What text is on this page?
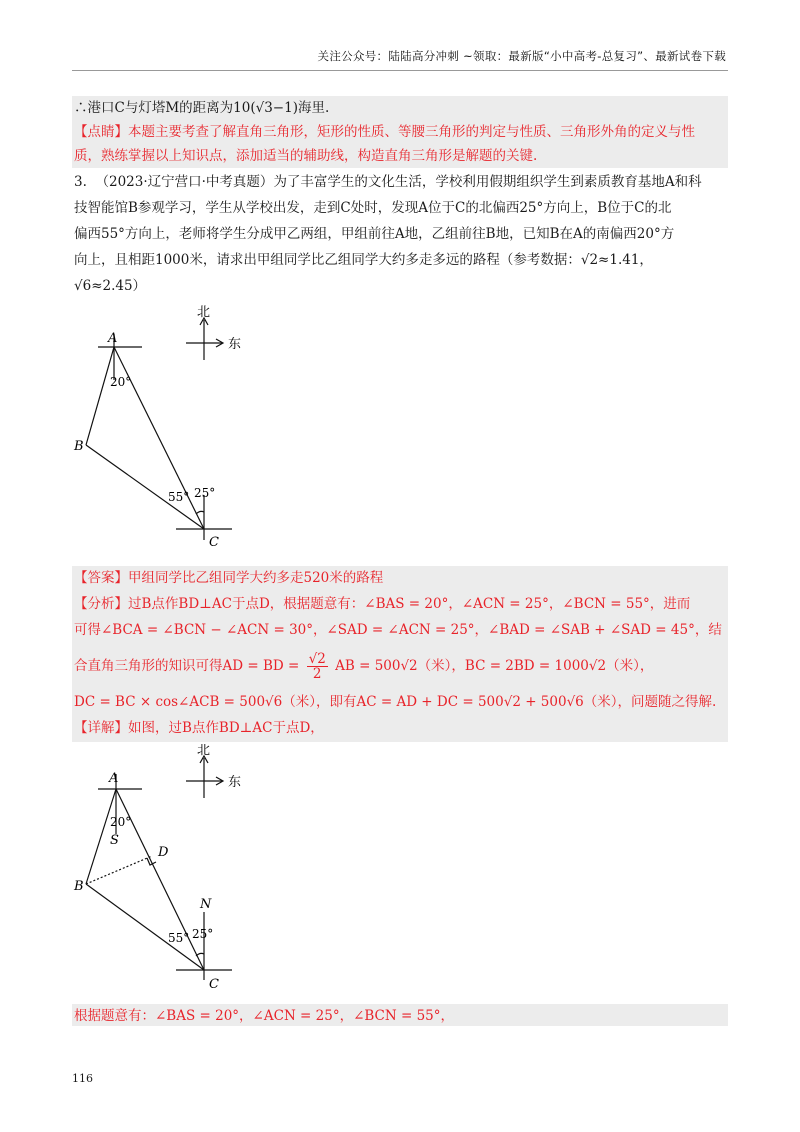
关注公众号：陆陆高分冲刺 ~领取：最新版“小中高考-总复习”、最新试卷下载
∴港口C与灯塔M的距离为10(√3−1)海里.
【点睛】本题主要考查了解直角三角形，矩形的性质、等腰三角形的判定与性质、三角形外角的定义与性
质，熟练掌握以上知识点，添加适当的辅助线，构造直角三角形是解题的关键.
3. （2023·辽宁营口·中考真题）为了丰富学生的文化生活，学校利用假期组织学生到素质教育基地A和科
技智能馆B参观学习，学生从学校出发，走到C处时，发现A位于C的北偏西25°方向上，B位于C的北
偏西55°方向上，老师将学生分成甲乙两组，甲组前往A地，乙组前往B地，已知B在A的南偏西20°方
向上，且相距1000米，请求出甲组同学比乙组同学大约多走多远的路程（参考数据：√2≈1.41，
√6≈2.45）
北
东
A
B
C
20°
55° 25°
【答案】甲组同学比乙组同学大约多走520米的路程
【分析】过B点作BD⊥AC于点D，根据题意有：∠BAS = 20°，∠ACN = 25°，∠BCN = 55°，进而
可得∠BCA = ∠BCN − ∠ACN = 30°，∠SAD = ∠ACN = 25°，∠BAD = ∠SAB + ∠SAD = 45°，结
合直角三角形的知识可得AD = BD = $\frac{√2}{2}$ AB = 500√2（米），BC = 2BD = 1000√2（米），
DC = BC × cos∠ACB = 500√6（米），即有AC = AD + DC = 500√2 + 500√6（米），问题随之得解.
【详解】如图，过B点作BD⊥AC于点D，
北
东
A
B
C
D
S
N
20°
55° 25°
根据题意有：∠BAS = 20°，∠ACN = 25°，∠BCN = 55°，
116
